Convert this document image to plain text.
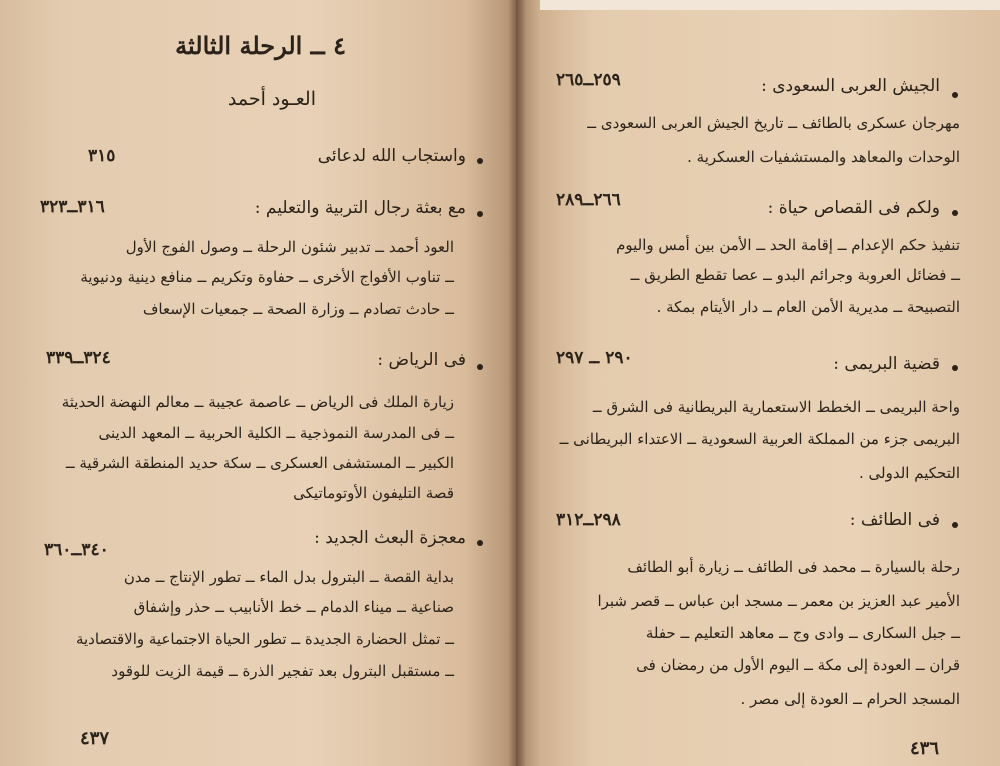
٤ ــ الرحلة الثالثة
العـود أحمد
واستجاب الله لدعائى
٣١٥
مع بعثة رجال التربية والتعليم :
٣١٦ــ٣٢٣
العود أحمد ــ تدبير شئون الرحلة ــ وصول الفوج الأول
ــ تناوب الأفواج الأخرى ــ حفاوة وتكريم ــ منافع دينية ودنيوية
ــ حادث تصادم ــ وزارة الصحة ــ جمعيات الإسعاف
فى الرياض :
٣٢٤ــ٣٣٩
زيارة الملك فى الرياض ــ عاصمة عجيبة ــ معالم النهضة الحديثة
ــ فى المدرسة النموذجية ــ الكلية الحربية ــ المعهد الدينى
الكبير ــ المستشفى العسكرى ــ سكة حديد المنطقة الشرقية ــ
قصة التليفون الأوتوماتيكى
معجزة البعث الجديد :
٣٤٠ــ٣٦٠
بداية القصة ــ البترول بدل الماء ــ تطور الإنتاج ــ مدن
صناعية ــ ميناء الدمام ــ خط الأنابيب ــ حذر وإشفاق
ــ تمثل الحضارة الجديدة ــ تطور الحياة الاجتماعية والاقتصادية
ــ مستقبل البترول بعد تفجير الذرة ــ قيمة الزيت للوقود
٤٣٧
الجيش العربى السعودى :
٢٥٩ــ٢٦٥
مهرجان عسكرى بالطائف ــ تاريخ الجيش العربى السعودى ــ
الوحدات والمعاهد والمستشفيات العسكرية .
ولكم فى القصاص حياة :
٢٦٦ــ٢٨٩
تنفيذ حكم الإعدام ــ إقامة الحد ــ الأمن بين أمس واليوم
ــ فضائل العروبة وجرائم البدو ــ عصا تقطع الطريق ــ
التصبيحة ــ مديرية الأمن العام ــ دار الأيتام بمكة .
قضية البريمى :
٢٩٠ ــ ٢٩٧
واحة البريمى ــ الخطط الاستعمارية البريطانية فى الشرق ــ
البريمى جزء من المملكة العربية السعودية ــ الاعتداء البريطانى ــ
التحكيم الدولى .
فى الطائف :
٢٩٨ــ٣١٢
رحلة بالسيارة ــ محمد فى الطائف ــ زيارة أبو الطائف
الأمير عبد العزيز بن معمر ــ مسجد ابن عباس ــ قصر شبرا
ــ جبل السكارى ــ وادى وج ــ معاهد التعليم ــ حفلة
قران ــ العودة إلى مكة ــ اليوم الأول من رمضان فى
المسجد الحرام ــ العودة إلى مصر .
٤٣٦
